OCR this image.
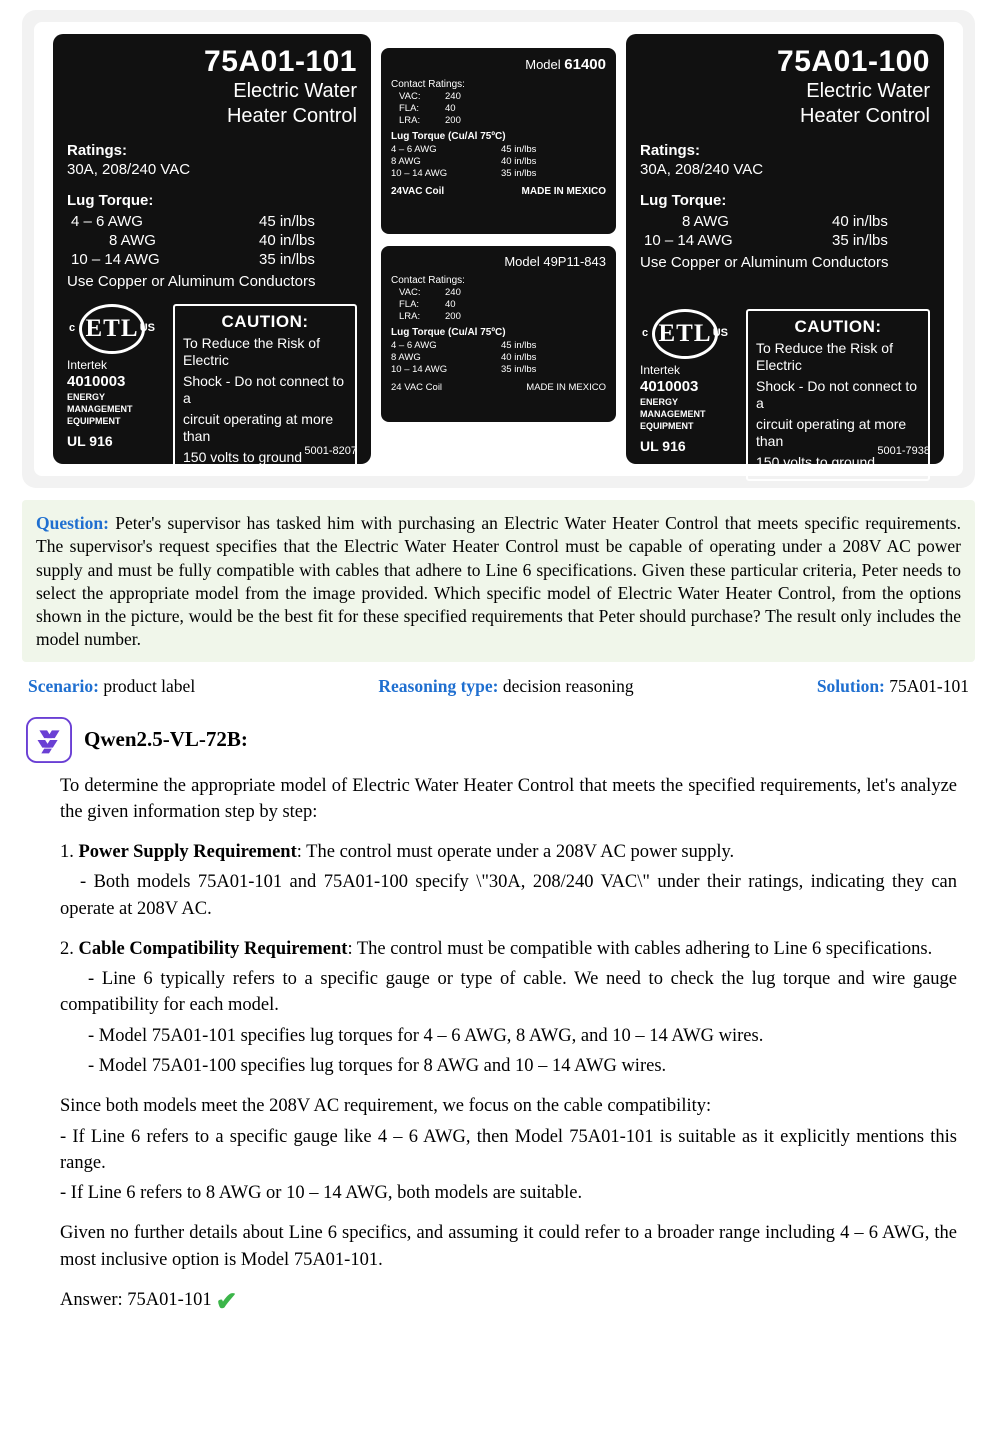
75A01-101
Electric Water
Heater Control
Ratings:
30A, 208/240 VAC
Lug Torque:
4 – 6 AWG	45 in/lbs
8 AWG	40 in/lbs
10 – 14 AWG	35 in/lbs
Use Copper or Aluminum Conductors
c ETL US
Intertek
4010003
ENERGY
MANAGEMENT
EQUIPMENT
UL 916
CAUTION:
To Reduce the Risk of Electric
Shock - Do not connect to a
circuit operating at more than
150 volts to ground 5001-8207
Model 61400
Contact Ratings:
VAC:	240
FLA:	40
LRA:	200
Lug Torque (Cu/Al 75ºC)
4 – 6 AWG	45 in/lbs
8 AWG	40 in/lbs
10 – 14 AWG	35 in/lbs
24VAC Coil	MADE IN MEXICO
Model 49P11-843
Contact Ratings:
VAC:	240
FLA:	40
LRA:	200
Lug Torque (Cu/Al 75ºC)
4 – 6 AWG	45 in/lbs
8 AWG	40 in/lbs
10 – 14 AWG	35 in/lbs
24 VAC Coil	MADE IN MEXICO
75A01-100
Electric Water
Heater Control
Ratings:
30A, 208/240 VAC
Lug Torque:
8 AWG	40 in/lbs
10 – 14 AWG	35 in/lbs
Use Copper or Aluminum Conductors
c ETL US
Intertek
4010003
ENERGY
MANAGEMENT
EQUIPMENT
UL 916
CAUTION:
To Reduce the Risk of Electric
Shock - Do not connect to a
circuit operating at more than
150 volts to ground
5001-7938
Question: Peter's supervisor has tasked him with purchasing an Electric Water Heater Control that meets specific requirements. The supervisor's request specifies that the Electric Water Heater Control must be capable of operating under a 208V AC power supply and must be fully compatible with cables that adhere to Line 6 specifications. Given these particular criteria, Peter needs to select the appropriate model from the image provided. Which specific model of Electric Water Heater Control, from the options shown in the picture, would be the best fit for these specified requirements that Peter should purchase? The result only includes the model number.
Scenario: product label	Reasoning type: decision reasoning	Solution: 75A01-101
Qwen2.5-VL-72B:

To determine the appropriate model of Electric Water Heater Control that meets the specified requirements, let's analyze the given information step by step:

1. Power Supply Requirement: The control must operate under a 208V AC power supply.

- Both models 75A01-101 and 75A01-100 specify \"30A, 208/240 VAC\" under their ratings, indicating they can operate at 208V AC.

2. Cable Compatibility Requirement: The control must be compatible with cables adhering to Line 6 specifications.

- Line 6 typically refers to a specific gauge or type of cable. We need to check the lug torque and wire gauge compatibility for each model.

- Model 75A01-101 specifies lug torques for 4 – 6 AWG, 8 AWG, and 10 – 14 AWG wires.

- Model 75A01-100 specifies lug torques for 8 AWG and 10 – 14 AWG wires.

Since both models meet the 208V AC requirement, we focus on the cable compatibility:

- If Line 6 refers to a specific gauge like 4 – 6 AWG, then Model 75A01-101 is suitable as it explicitly mentions this range.

- If Line 6 refers to 8 AWG or 10 – 14 AWG, both models are suitable.

Given no further details about Line 6 specifics, and assuming it could refer to a broader range including 4 – 6 AWG, the most inclusive option is Model 75A01-101.

Answer: 75A01-101 ✔
